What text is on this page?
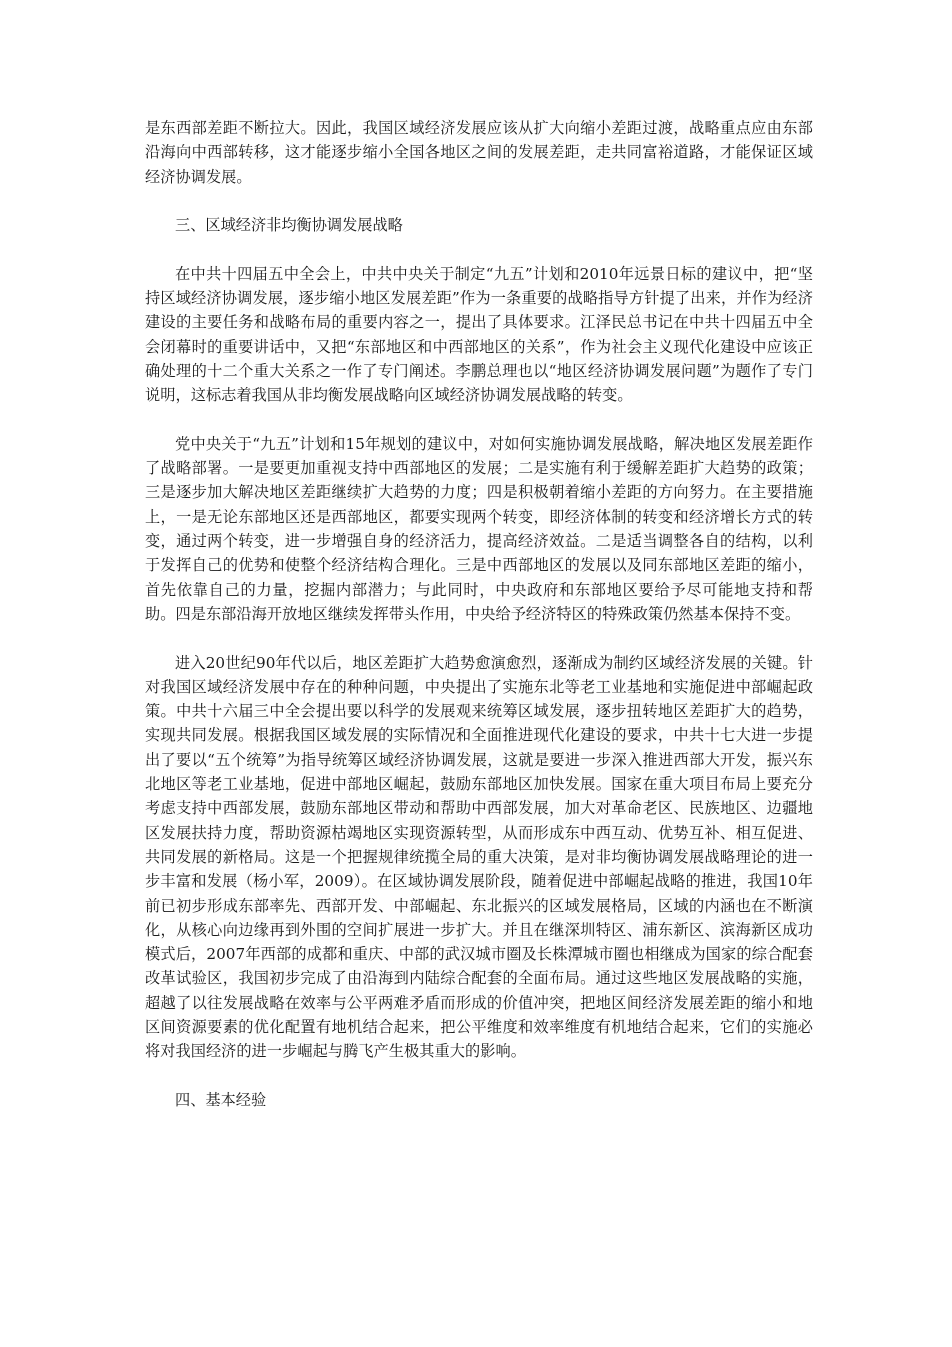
是东西部差距不断拉大。因此，我国区域经济发展应该从扩大向缩小差距过渡，战略重点应由东部沿海向中西部转移，这才能逐步缩小全国各地区之间的发展差距，走共同富裕道路，才能保证区域经济协调发展。

三、区域经济非均衡协调发展战略

在中共十四届五中全会上，中共中央关于制定“九五”计划和2010年远景日标的建议中，把“坚持区域经济协调发展，逐步缩小地区发展差距”作为一条重要的战略指导方针提了出来，并作为经济建设的主要任务和战略布局的重要内容之一，提出了具体要求。江泽民总书记在中共十四届五中全会闭幕时的重要讲话中，又把“东部地区和中西部地区的关系”，作为社会主义现代化建设中应该正确处理的十二个重大关系之一作了专门阐述。李鹏总理也以“地区经济协调发展问题”为题作了专门说明，这标志着我国从非均衡发展战略向区域经济协调发展战略的转变。

党中央关于“九五”计划和15年规划的建议中，对如何实施协调发展战略，解决地区发展差距作了战略部署。一是要更加重视支持中西部地区的发展；二是实施有利于缓解差距扩大趋势的政策；三是逐步加大解决地区差距继续扩大趋势的力度；四是积极朝着缩小差距的方向努力。在主要措施上，一是无论东部地区还是西部地区，都要实现两个转变，即经济体制的转变和经济增长方式的转变，通过两个转变，进一步增强自身的经济活力，提高经济效益。二是适当调整各自的结构，以利于发挥自己的优势和使整个经济结构合理化。三是中西部地区的发展以及同东部地区差距的缩小，首先依靠自己的力量，挖掘内部潜力；与此同时，中央政府和东部地区要给予尽可能地支持和帮助。四是东部沿海开放地区继续发挥带头作用，中央给予经济特区的特殊政策仍然基本保持不变。

进入20世纪90年代以后，地区差距扩大趋势愈演愈烈，逐渐成为制约区域经济发展的关键。针对我国区域经济发展中存在的种种问题，中央提出了实施东北等老工业基地和实施促进中部崛起政策。中共十六届三中全会提出要以科学的发展观来统筹区域发展，逐步扭转地区差距扩大的趋势，实现共同发展。根据我国区域发展的实际情况和全面推进现代化建设的要求，中共十七大进一步提出了要以“五个统筹”为指导统筹区域经济协调发展，这就是要进一步深入推进西部大开发，振兴东北地区等老工业基地，促进中部地区崛起，鼓励东部地区加快发展。国家在重大项目布局上要充分考虑支持中西部发展，鼓励东部地区带动和帮助中西部发展，加大对革命老区、民族地区、边疆地区发展扶持力度，帮助资源枯竭地区实现资源转型，从而形成东中西互动、优势互补、相互促进、共同发展的新格局。这是一个把握规律统揽全局的重大决策，是对非均衡协调发展战略理论的进一步丰富和发展（杨小军，2009）。在区域协调发展阶段，随着促进中部崛起战略的推进，我国10年前已初步形成东部率先、西部开发、中部崛起、东北振兴的区域发展格局，区域的内涵也在不断演化，从核心向边缘再到外围的空间扩展进一步扩大。并且在继深圳特区、浦东新区、滨海新区成功模式后，2007年西部的成都和重庆、中部的武汉城市圈及长株潭城市圈也相继成为国家的综合配套改革试验区，我国初步完成了由沿海到内陆综合配套的全面布局。通过这些地区发展战略的实施，超越了以往发展战略在效率与公平两难矛盾而形成的价值冲突，把地区间经济发展差距的缩小和地区间资源要素的优化配置有地机结合起来，把公平维度和效率维度有机地结合起来，它们的实施必将对我国经济的进一步崛起与腾飞产生极其重大的影响。

四、基本经验
